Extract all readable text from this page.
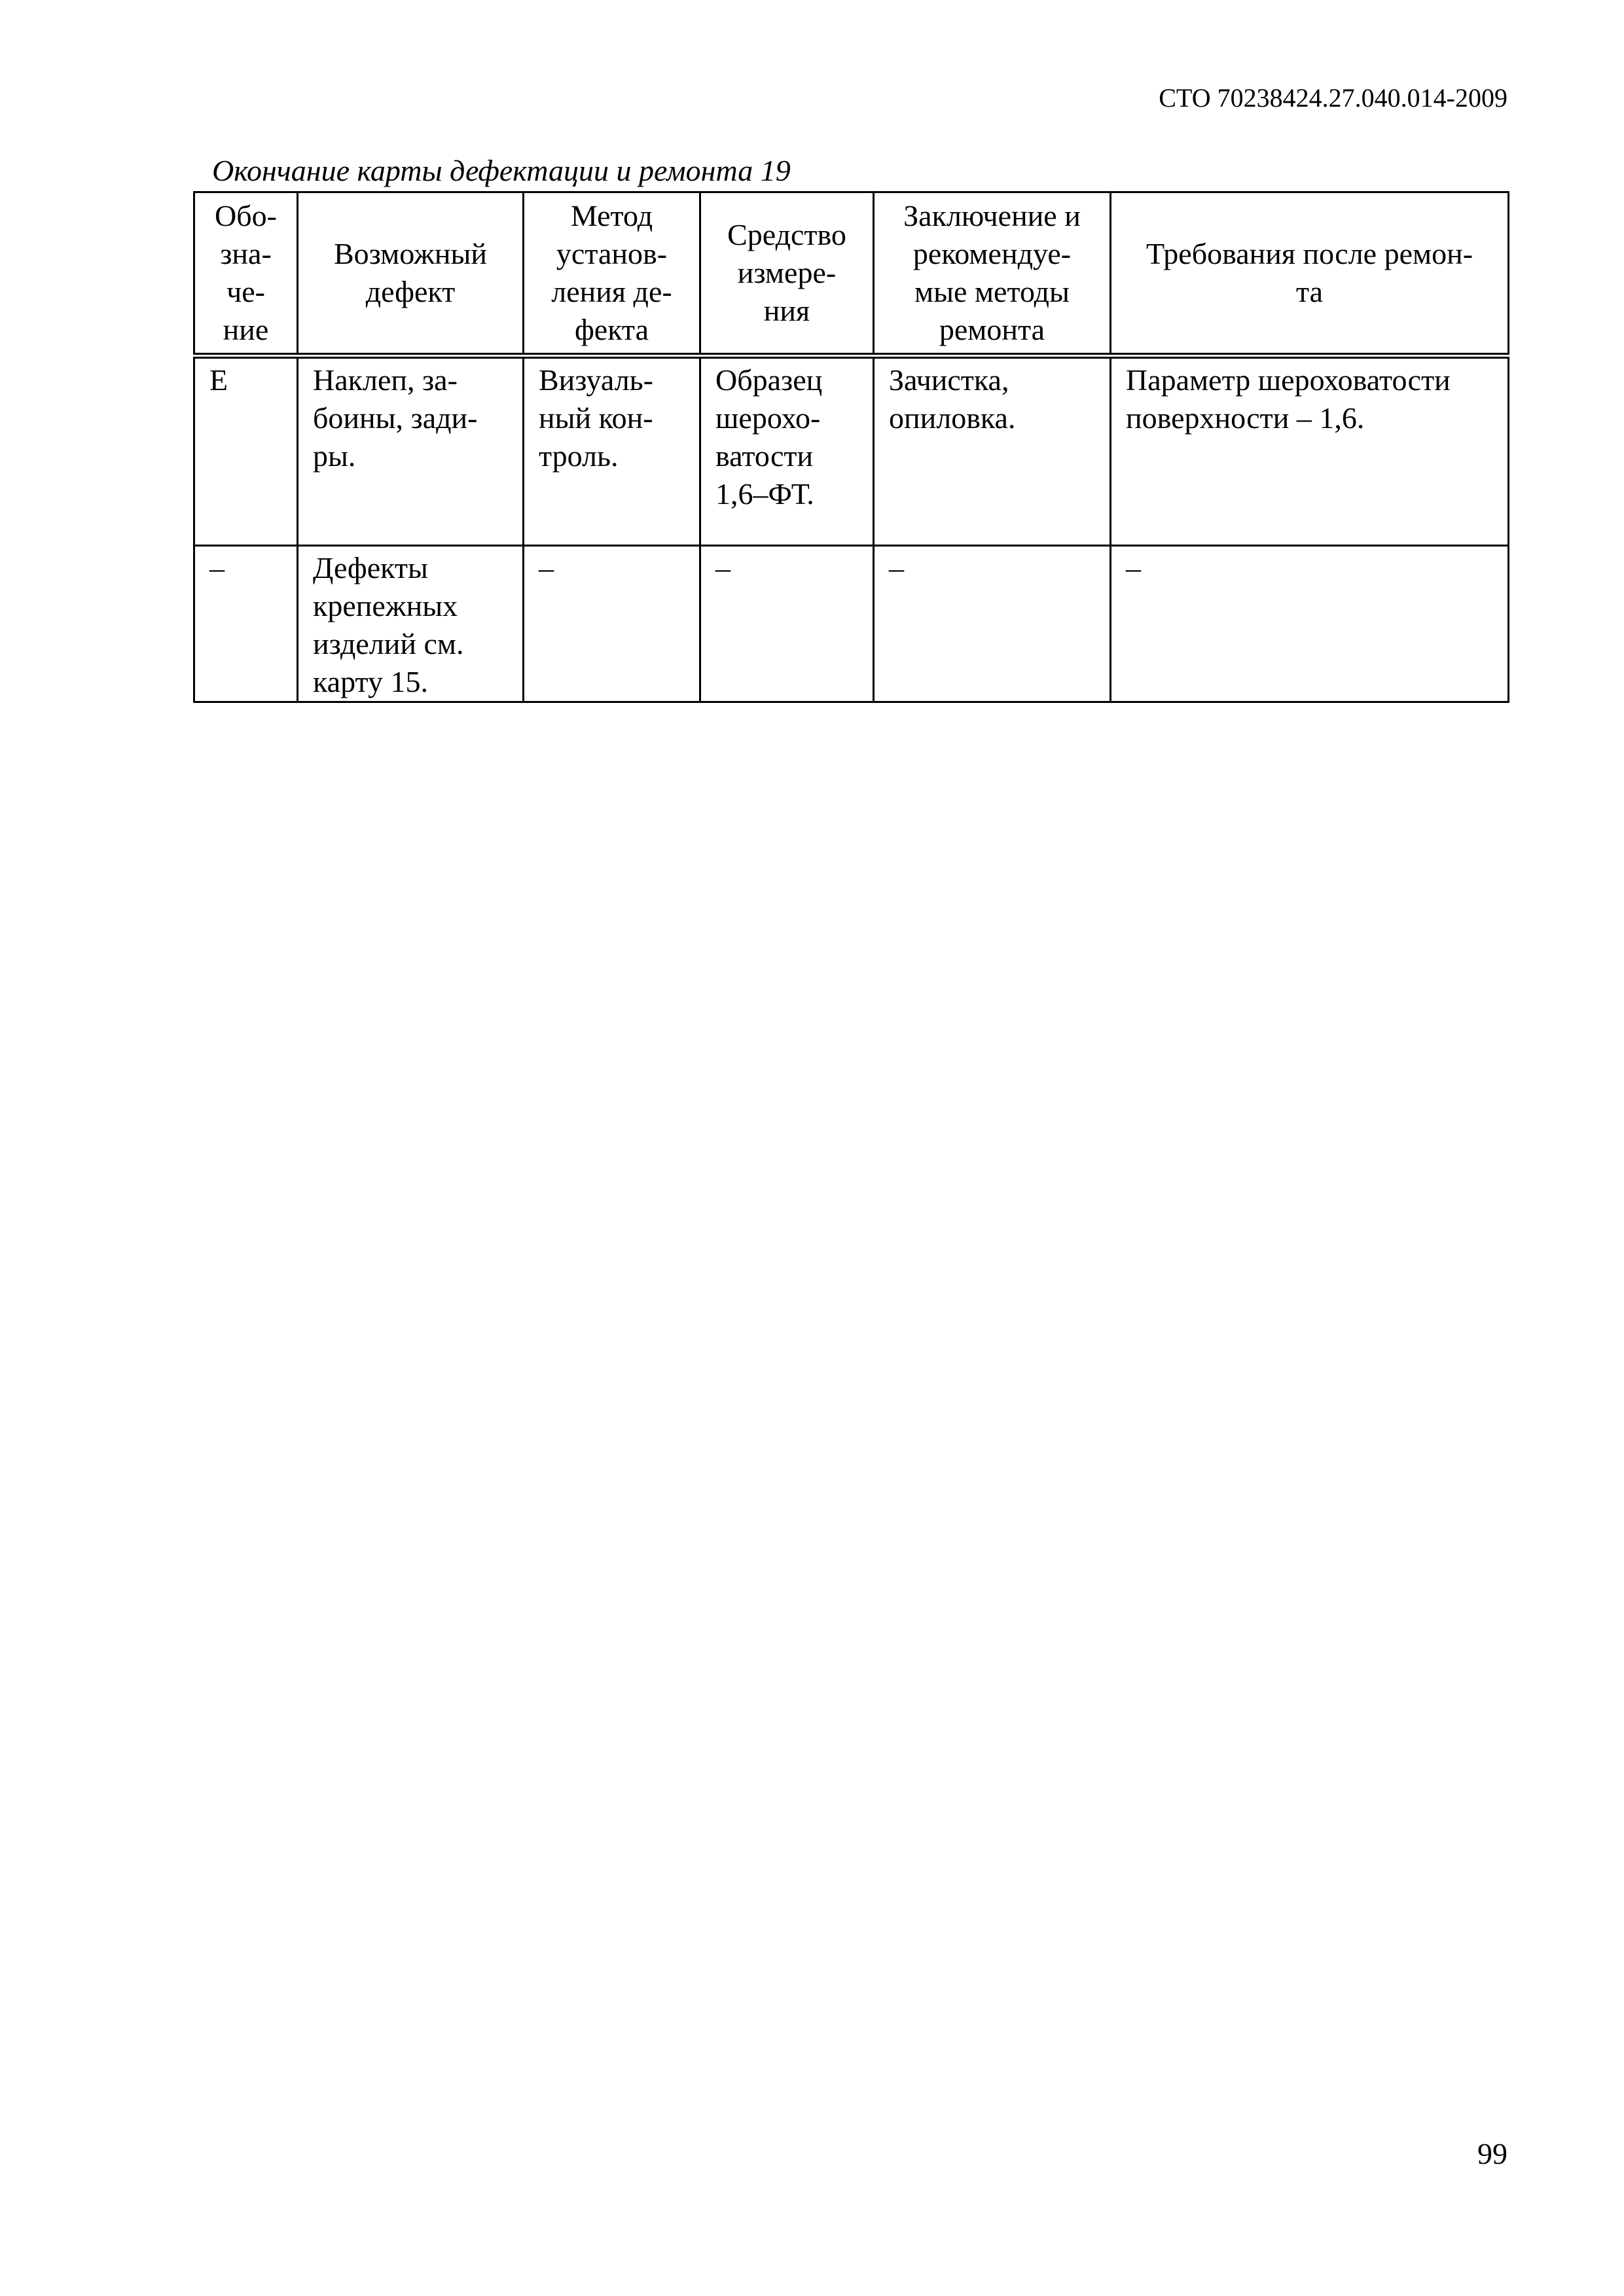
СТО 70238424.27.040.014-2009
Окончание карты дефектации и ремонта 19
Обо-
зна-
че-
ние	Возможный
дефект	Метод
установ-
ления де-
фекта	Средство
измере-
ния	Заключение и
рекомендуе-
мые методы
ремонта	Требования после ремон-
та
Е	Наклеп, за-
боины, зади-
ры.	Визуаль-
ный кон-
троль.	Образец
шерохо-
ватости
1,6–ФТ.	Зачистка,
опиловка.	Параметр шероховатости
поверхности – 1,6.
–	Дефекты
крепежных
изделий см.
карту 15.	–	–	–	–
99
